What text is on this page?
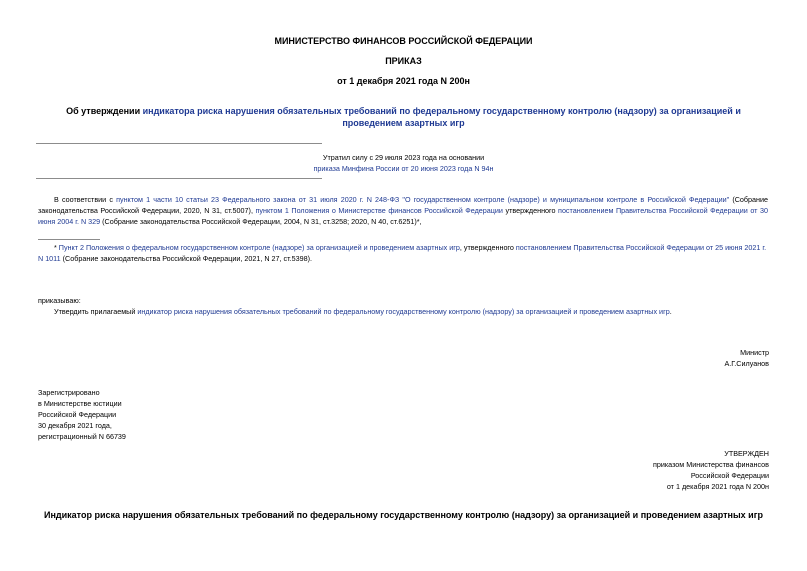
МИНИСТЕРСТВО ФИНАНСОВ РОССИЙСКОЙ ФЕДЕРАЦИИ
ПРИКАЗ
от 1 декабря 2021 года N 200н
Об утверждении индикатора риска нарушения обязательных требований по федеральному государственному контролю (надзору) за организацией и проведением азартных игр
Утратил силу с 29 июля 2023 года на основании
приказа Минфина России от 20 июня 2023 года N 94н
В соответствии с пунктом 1 части 10 статьи 23 Федерального закона от 31 июля 2020 г. N 248-ФЗ "О государственном контроле (надзоре) и муниципальном контроле в Российской Федерации" (Собрание законодательства Российской Федерации, 2020, N 31, ст.5007), пунктом 1 Положения о Министерстве финансов Российской Федерации утвержденного постановлением Правительства Российской Федерации от 30 июня 2004 г. N 329 (Собрание законодательства Российской Федерации, 2004, N 31, ст.3258; 2020, N 40, ст.6251)*,
* Пункт 2 Положения о федеральном государственном контроле (надзоре) за организацией и проведением азартных игр, утвержденного постановлением Правительства Российской Федерации от 25 июня 2021 г. N 1011 (Собрание законодательства Российской Федерации, 2021, N 27, ст.5398).
приказываю:
Утвердить прилагаемый индикатор риска нарушения обязательных требований по федеральному государственному контролю (надзору) за организацией и проведением азартных игр.
Министр
А.Г.Силуанов
Зарегистрировано
в Министерстве юстиции
Российской Федерации
30 декабря 2021 года,
регистрационный N 66739
УТВЕРЖДЕН
приказом Министерства финансов
Российской Федерации
от 1 декабря 2021 года N 200н
Индикатор риска нарушения обязательных требований по федеральному государственному контролю (надзору) за организацией и проведением азартных игр
